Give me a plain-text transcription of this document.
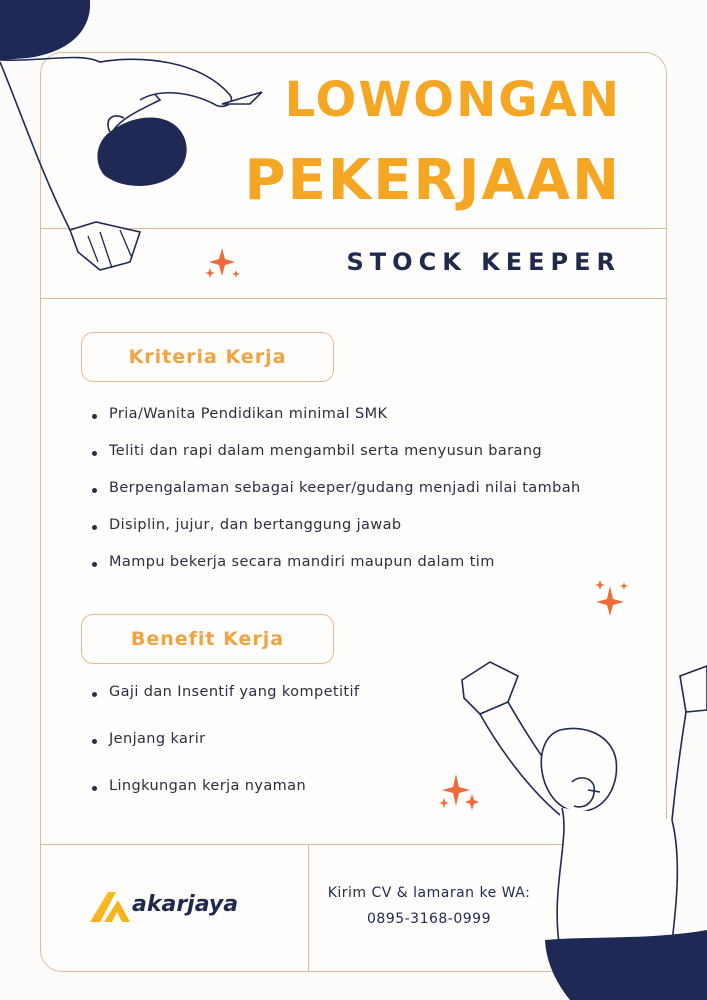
LOWONGAN
PEKERJAAN
STOCK KEEPER
Kriteria Kerja
Pria/Wanita Pendidikan minimal SMK
Teliti dan rapi dalam mengambil serta menyusun barang
Berpengalaman sebagai keeper/gudang menjadi nilai tambah
Disiplin, jujur, dan bertanggung jawab
Mampu bekerja secara mandiri maupun dalam tim
Benefit Kerja
Gaji dan Insentif yang kompetitif
Jenjang karir
Lingkungan kerja nyaman
akarjaya	Kirim CV & lamaran ke WA:
0895-3168-0999
